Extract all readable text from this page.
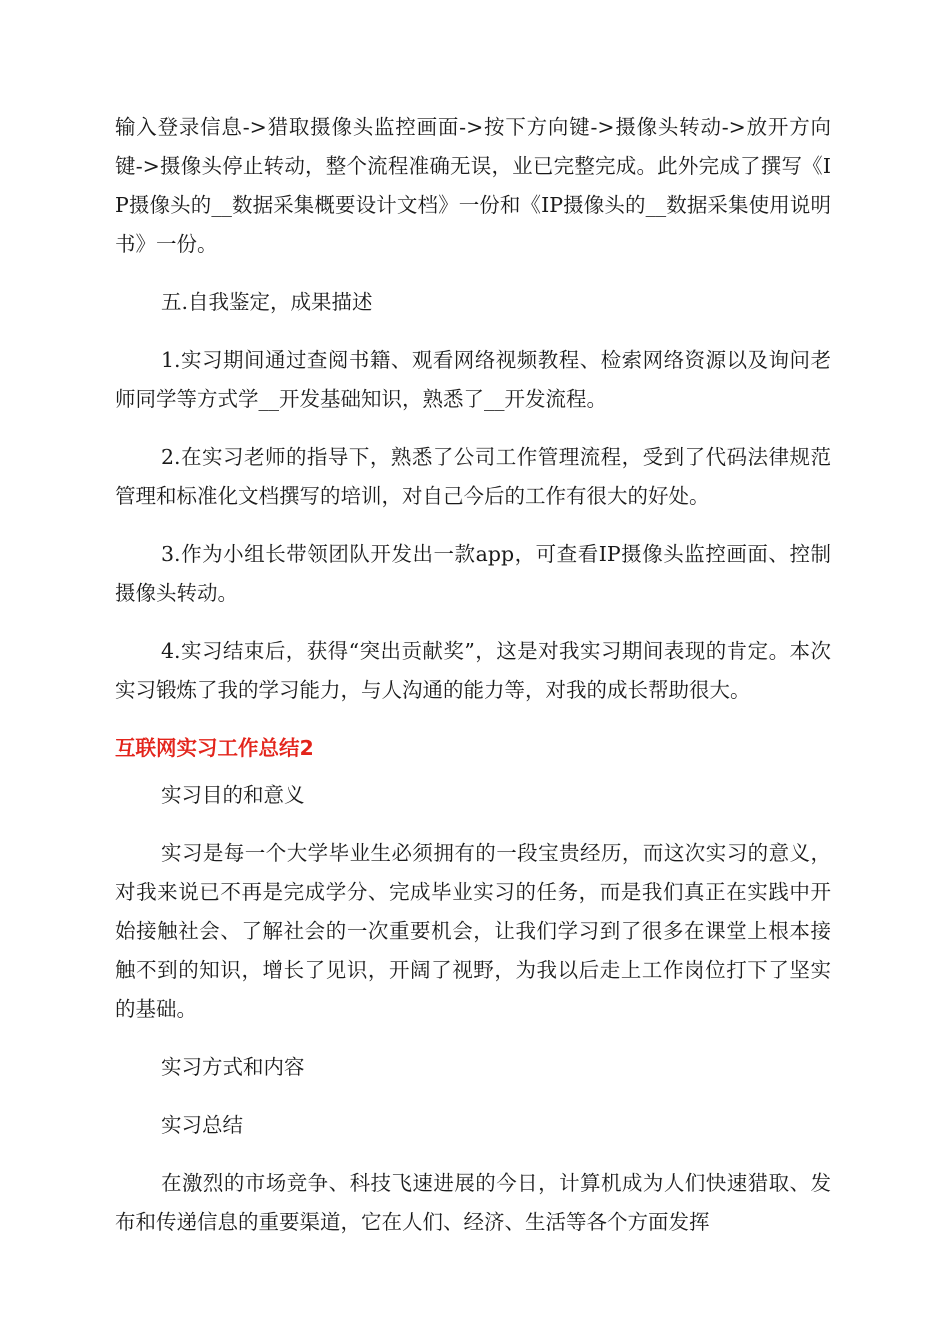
输入登录信息->猎取摄像头监控画面->按下方向键->摄像头转动->放开方向键->摄像头停止转动，整个流程准确无误，业已完整完成。此外完成了撰写《IP摄像头的__数据采集概要设计文档》一份和《IP摄像头的__数据采集使用说明书》一份。

五.自我鉴定，成果描述

1.实习期间通过查阅书籍、观看网络视频教程、检索网络资源以及询问老师同学等方式学__开发基础知识，熟悉了__开发流程。

2.在实习老师的指导下，熟悉了公司工作管理流程，受到了代码法律规范管理和标准化文档撰写的培训，对自己今后的工作有很大的好处。

3.作为小组长带领团队开发出一款app，可查看IP摄像头监控画面、控制摄像头转动。

4.实习结束后，获得“突出贡献奖”，这是对我实习期间表现的肯定。本次实习锻炼了我的学习能力，与人沟通的能力等，对我的成长帮助很大。

互联网实习工作总结2

实习目的和意义

实习是每一个大学毕业生必须拥有的一段宝贵经历，而这次实习的意义，对我来说已不再是完成学分、完成毕业实习的任务，而是我们真正在实践中开始接触社会、了解社会的一次重要机会，让我们学习到了很多在课堂上根本接触不到的知识，增长了见识，开阔了视野，为我以后走上工作岗位打下了坚实的基础。

实习方式和内容

实习总结

在激烈的市场竞争、科技飞速进展的今日，计算机成为人们快速猎取、发布和传递信息的重要渠道，它在人们、经济、生活等各个方面发挥
